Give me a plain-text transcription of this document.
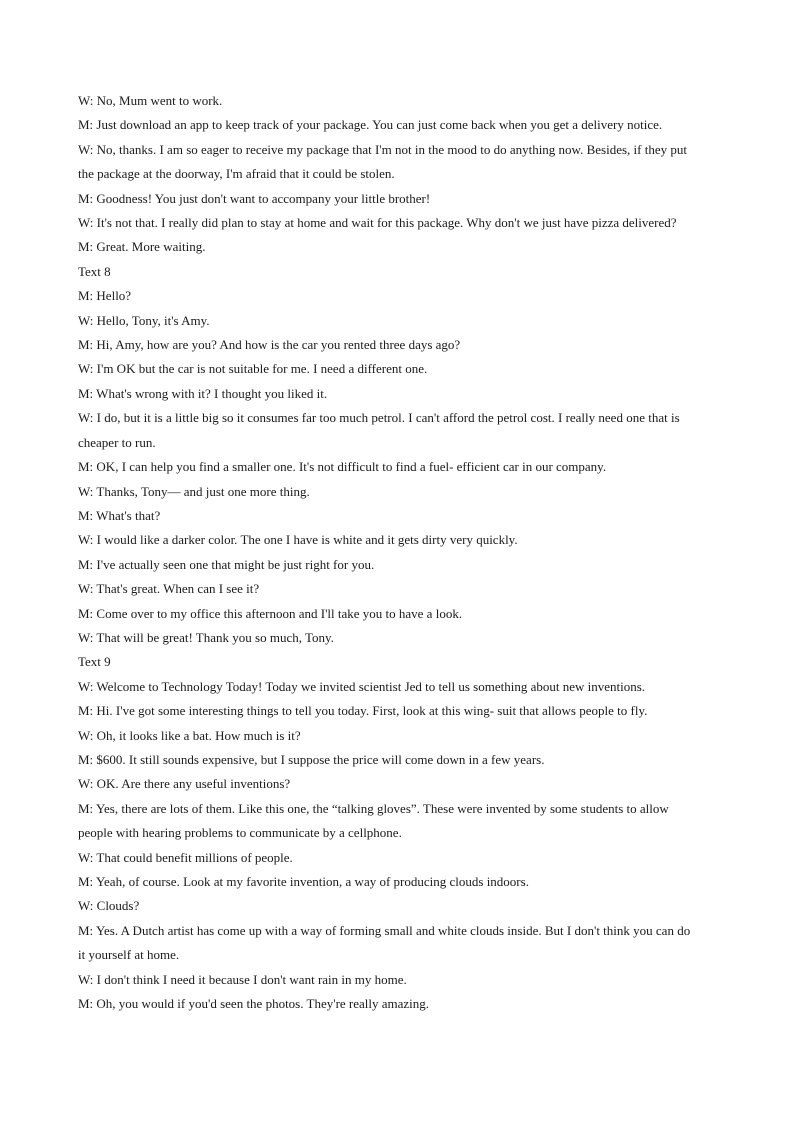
W: No, Mum went to work.
M: Just download an app to keep track of your package. You can just come back when you get a delivery notice.
W: No, thanks. I am so eager to receive my package that I'm not in the mood to do anything now. Besides, if they put
the package at the doorway, I'm afraid that it could be stolen.
M: Goodness! You just don't want to accompany your little brother!
W: It's not that. I really did plan to stay at home and wait for this package. Why don't we just have pizza delivered?
M: Great. More waiting.
Text 8
M: Hello?
W: Hello, Tony, it's Amy.
M: Hi, Amy, how are you? And how is the car you rented three days ago?
W: I'm OK but the car is not suitable for me. I need a different one.
M: What's wrong with it? I thought you liked it.
W: I do, but it is a little big so it consumes far too much petrol. I can't afford the petrol cost. I really need one that is
cheaper to run.
M: OK, I can help you find a smaller one. It's not difficult to find a fuel- efficient car in our company.
W: Thanks, Tony— and just one more thing.
M: What's that?
W: I would like a darker color. The one I have is white and it gets dirty very quickly.
M: I've actually seen one that might be just right for you.
W: That's great. When can I see it?
M: Come over to my office this afternoon and I'll take you to have a look.
W: That will be great! Thank you so much, Tony.
Text 9
W: Welcome to Technology Today! Today we invited scientist Jed to tell us something about new inventions.
M: Hi. I've got some interesting things to tell you today. First, look at this wing- suit that allows people to fly.
W: Oh, it looks like a bat. How much is it?
M: $600. It still sounds expensive, but I suppose the price will come down in a few years.
W: OK. Are there any useful inventions?
M: Yes, there are lots of them. Like this one, the “talking gloves”. These were invented by some students to allow
people with hearing problems to communicate by a cellphone.
W: That could benefit millions of people.
M: Yeah, of course. Look at my favorite invention, a way of producing clouds indoors.
W: Clouds?
M: Yes. A Dutch artist has come up with a way of forming small and white clouds inside. But I don't think you can do
it yourself at home.
W: I don't think I need it because I don't want rain in my home.
M: Oh, you would if you'd seen the photos. They're really amazing.
